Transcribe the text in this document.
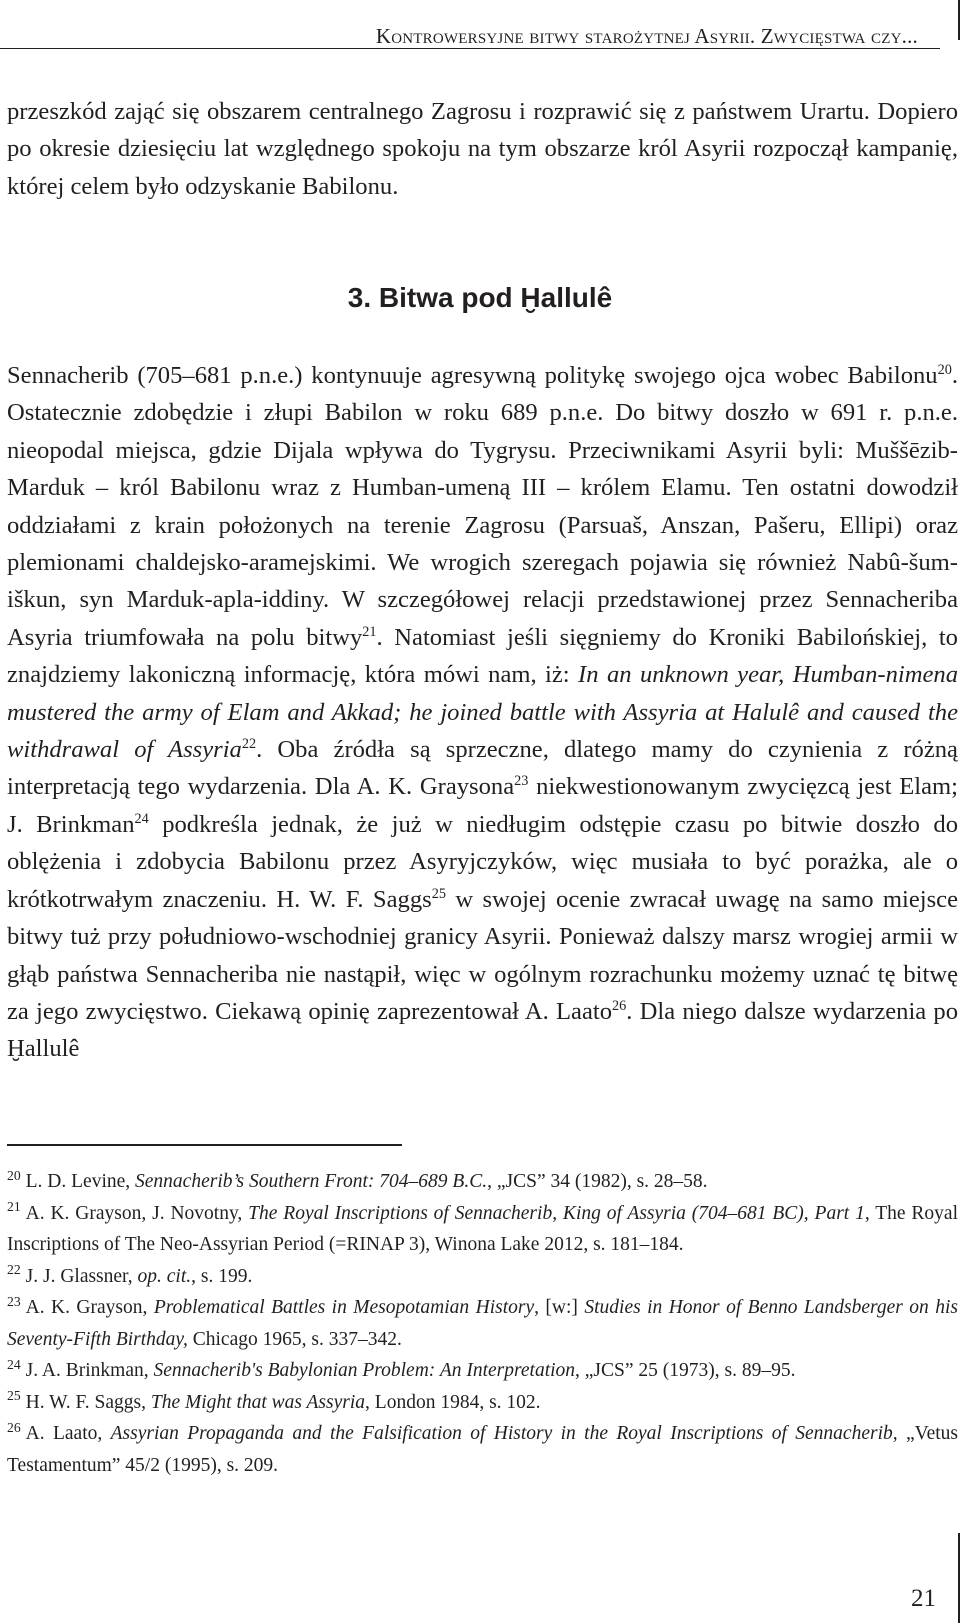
Kontrowersyjne bitwy starożytnej Asyrii. Zwycięstwa czy...

przeszkód zająć się obszarem centralnego Zagrosu i rozprawić się z państwem Urartu. Dopiero po okresie dziesięciu lat względnego spokoju na tym obszarze król Asyrii rozpoczął kampanię, której celem było odzyskanie Babilonu.

3. Bitwa pod Ḫallulê

Sennacherib (705–681 p.n.e.) kontynuuje agresywną politykę swojego ojca wobec Babilonu$^{20}$. Ostatecznie zdobędzie i złupi Babilon w roku 689 p.n.e. Do bitwy doszło w 691 r. p.n.e. nieopodal miejsca, gdzie Dijala wpływa do Tygrysu. Przeciwnikami Asyrii byli: Muššēzib-Marduk – król Babilonu wraz z Humban-umeną III – królem Elamu. Ten ostatni dowodził oddziałami z krain położonych na terenie Zagrosu (Parsuaš, Anszan, Pašeru, Ellipi) oraz plemionami chaldejsko-aramejskimi. We wrogich szeregach pojawia się również Nabû-šum-iškun, syn Marduk-apla-iddiny. W szczegółowej relacji przedstawionej przez Sennacheriba Asyria triumfowała na polu bitwy$^{21}$. Natomiast jeśli sięgniemy do Kroniki Babilońskiej, to znajdziemy lakoniczną informację, która mówi nam, iż: In an unknown year, Humban-nimena mustered the army of Elam and Akkad; he joined battle with Assyria at Halulê and caused the withdrawal of Assyria$^{22}$. Oba źródła są sprzeczne, dlatego mamy do czynienia z różną interpretacją tego wydarzenia. Dla A. K. Graysona$^{23}$ niekwestionowanym zwycięzcą jest Elam; J. Brinkman$^{24}$ podkreśla jednak, że już w niedługim odstępie czasu po bitwie doszło do oblężenia i zdobycia Babilonu przez Asyryjczyków, więc musiała to być porażka, ale o krótkotrwałym znaczeniu. H. W. F. Saggs$^{25}$ w swojej ocenie zwracał uwagę na samo miejsce bitwy tuż przy południowo-wschodniej granicy Asyrii. Ponieważ dalszy marsz wrogiej armii w głąb państwa Sennacheriba nie nastąpił, więc w ogólnym rozrachunku możemy uznać tę bitwę za jego zwycięstwo. Ciekawą opinię zaprezentował A. Laato$^{26}$. Dla niego dalsze wydarzenia po Ḫallulê

$^{20}$ L. D. Levine, Sennacherib’s Southern Front: 704–689 B.C., „JCS” 34 (1982), s. 28–58.

$^{21}$ A. K. Grayson, J. Novotny, The Royal Inscriptions of Sennacherib, King of Assyria (704–681 BC), Part 1, The Royal Inscriptions of The Neo-Assyrian Period (=RINAP 3), Winona Lake 2012, s. 181–184.

$^{22}$ J. J. Glassner, op. cit., s. 199.

$^{23}$ A. K. Grayson, Problematical Battles in Mesopotamian History, [w:] Studies in Honor of Benno Landsberger on his Seventy-Fifth Birthday, Chicago 1965, s. 337–342.

$^{24}$ J. A. Brinkman, Sennacherib's Babylonian Problem: An Interpretation, „JCS” 25 (1973), s. 89–95.

$^{25}$ H. W. F. Saggs, The Might that was Assyria, London 1984, s. 102.

$^{26}$ A. Laato, Assyrian Propaganda and the Falsification of History in the Royal Inscriptions of Sennacherib, „Vetus Testamentum” 45/2 (1995), s. 209.

21
